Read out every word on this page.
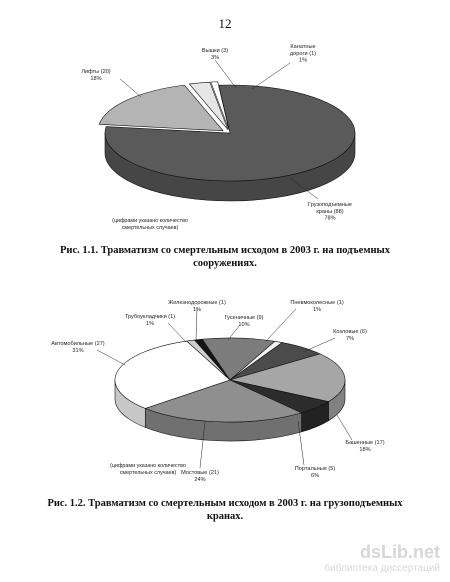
12
Вышки (3) 3%
Канатные дороги (1) 1%
Грузоподъемные краны (88) 78%
Лифты (20) 18%
(цифрами указано количество смертельных случаев)
Железнодорожные (1) 1%
Гусеничные (9) 10%
Пневмоколесные (1) 1%
Козловые (6) 7%
Башенные (17) 18%
Портальные (5) 6%
Мостовые (21) 24%
Автомобильные (27) 31%
Трубоукладчики (1) 1%
(цифрами указано количество смертельных случаев)
Рис. 1.1. Травматизм со смертельным исходом в 2003 г. на подъемных сооружениях.
Рис. 1.2. Травматизм со смертельным исходом в 2003 г. на грузоподъемных кранах.
dsLib.net
библиотека диссертаций
